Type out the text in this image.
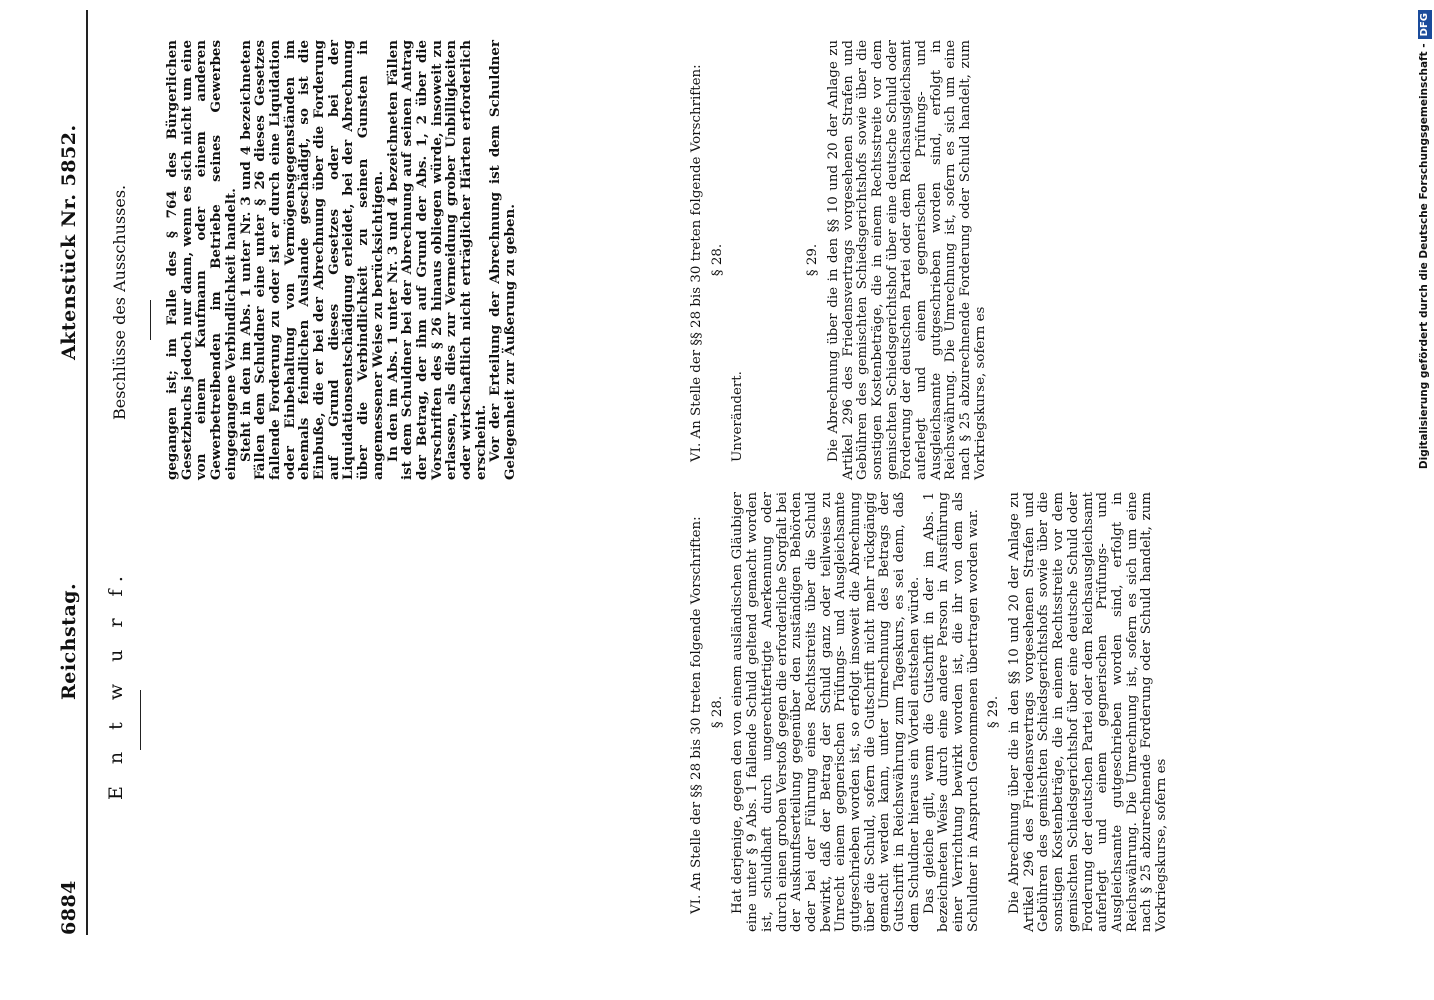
6884
Reichstag.
Aktenstück Nr. 5852.
E n t w u r f.	VI. An Stelle der §§ 28 bis 30 treten folgende Vorschriften: § 28. Hat derjenige, gegen den von einem ausländischen Gläubiger eine unter § 9 Abs. 1 fallende Schuld geltend gemacht worden ist, schuldhaft durch ungerechtfertigte Anerkennung oder durch einen groben Verstoß gegen die erforderliche Sorgfalt bei der Auskunftserteilung gegenüber den zuständigen Behörden oder bei der Führung eines Rechtsstreits über die Schuld bewirkt, daß der Betrag der Schuld ganz oder teilweise zu Unrecht einem gegnerischen Prüfungs- und Ausgleichsamte gutgeschrieben worden ist, so erfolgt insoweit die Abrechnung über die Schuld, sofern die Gutschrift nicht mehr rückgängig gemacht werden kann, unter Umrechnung des Betrags der Gutschrift in Reichswährung zum Tageskurs, es sei denn, daß dem Schuldner hieraus ein Vorteil entstehen würde. Das gleiche gilt, wenn die Gutschrift in der im Abs. 1 bezeichneten Weise durch eine andere Person in Ausführung einer Verrichtung bewirkt worden ist, die ihr von dem als Schuldner in Anspruch Genommenen übertragen worden war. § 29. Die Abrechnung über die in den §§ 10 und 20 der Anlage zu Artikel 296 des Friedensvertrags vorgesehenen Strafen und Gebühren des gemischten Schiedsgerichtshofs sowie über die sonstigen Kostenbeträge, die in einem Rechtsstreite vor dem gemischten Schiedsgerichtshof über eine deutsche Schuld oder Forderung der deutschen Partei oder dem Reichsausgleichsamt auferlegt und einem gegnerischen Prüfungs- und Ausgleichsamte gutgeschrieben worden sind, erfolgt in Reichswährung. Die Umrechnung ist, sofern es sich um eine nach § 25 abzurechnende Forderung oder Schuld handelt, zum Vorkriegskurse, sofern es

Beschlüsse des Ausschusses.	gegangen ist; im Falle des § 764 des Bürgerlichen Gesetzbuchs jedoch nur dann, wenn es sich nicht um eine von einem Kaufmann oder einem anderen Gewerbetreibenden im Betriebe seines Gewerbes eingegangene Verbindlichkeit handelt.

Steht in den im Abs. 1 unter Nr. 3 und 4 bezeichneten Fällen dem Schuldner eine unter § 26 dieses Gesetzes fallende Forderung zu oder ist er durch eine Liquidation oder Einbehaltung von Vermögensgegenständen im ehemals feindlichen Auslande geschädigt, so ist die Einbuße, die er bei der Abrechnung über die Forderung auf Grund dieses Gesetzes oder bei der Liquidationsentschädigung erleidet, bei der Abrechnung über die Verbindlichkeit zu seinen Gunsten in angemessener Weise zu berücksichtigen.

In den im Abs. 1 unter Nr. 3 und 4 bezeichneten Fällen ist dem Schuldner bei der Abrechnung auf seinen Antrag der Betrag, der ihm auf Grund der Abs. 1, 2 über die Vorschriften des § 26 hinaus obliegen würde, insoweit zu erlassen, als dies zur Vermeidung grober Unbilligkeiten oder wirtschaftlich nicht erträglicher Härten erforderlich erscheint.

Vor der Erteilung der Abrechnung ist dem Schuldner Gelegenheit zur Äußerung zu geben.	VI. An Stelle der §§ 28 bis 30 treten folgende Vorschriften: § 28.

Unverändert.

§ 29. Die Abrechnung über die in den §§ 10 und 20 der Anlage zu Artikel 296 des Friedensvertrags vorgesehenen Strafen und Gebühren des gemischten Schiedsgerichtshofs sowie über die sonstigen Kostenbeträge, die in einem Rechtsstreite vor dem gemischten Schiedsgerichtshof über eine deutsche Schuld oder Forderung der deutschen Partei oder dem Reichsausgleichsamt auferlegt und einem gegnerischen Prüfungs- und Ausgleichsamte gutgeschrieben worden sind, erfolgt in Reichswährung. Die Umrechnung ist, sofern es sich um eine nach § 25 abzurechnende Forderung oder Schuld handelt, zum Vorkriegskurse, sofern es	Digitalisierung gefördert durch die Deutsche Forschungsgemeinschaft -DFG
